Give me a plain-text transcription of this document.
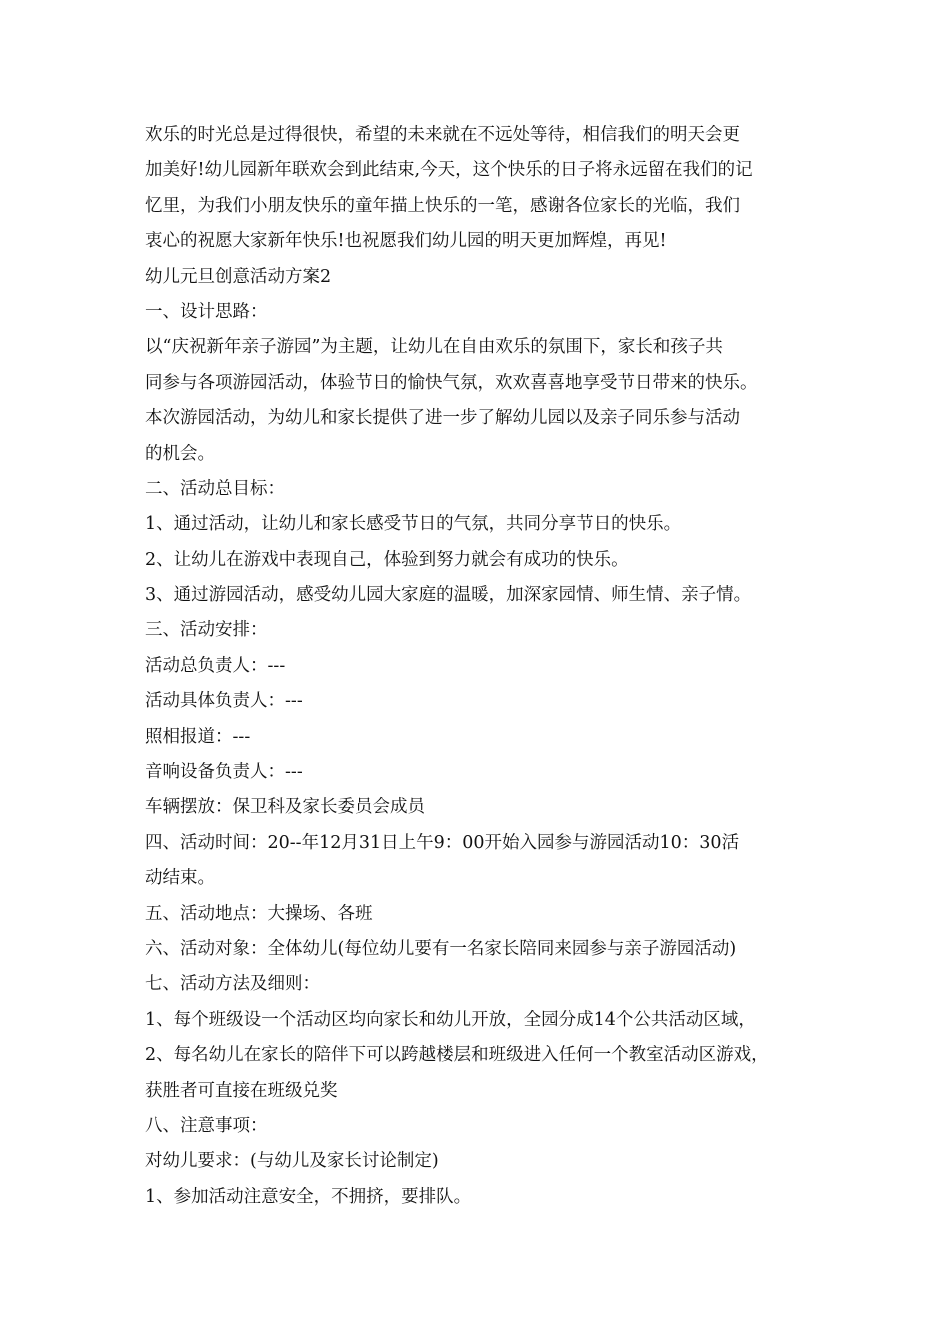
欢乐的时光总是过得很快，希望的未来就在不远处等待，相信我们的明天会更
加美好!幼儿园新年联欢会到此结束,今天，这个快乐的日子将永远留在我们的记
忆里，为我们小朋友快乐的童年描上快乐的一笔，感谢各位家长的光临，我们
衷心的祝愿大家新年快乐!也祝愿我们幼儿园的明天更加辉煌，再见!
幼儿元旦创意活动方案2
一、设计思路：
以“庆祝新年亲子游园”为主题，让幼儿在自由欢乐的氛围下，家长和孩子共
同参与各项游园活动，体验节日的愉快气氛，欢欢喜喜地享受节日带来的快乐。
本次游园活动，为幼儿和家长提供了进一步了解幼儿园以及亲子同乐参与活动
的机会。
二、活动总目标：
1、通过活动，让幼儿和家长感受节日的气氛，共同分享节日的快乐。
2、让幼儿在游戏中表现自己，体验到努力就会有成功的快乐。
3、通过游园活动，感受幼儿园大家庭的温暖，加深家园情、师生情、亲子情。
三、活动安排：
活动总负责人：---
活动具体负责人：---
照相报道：---
音响设备负责人：---
车辆摆放：保卫科及家长委员会成员
四、活动时间：20--年12月31日上午9：00开始入园参与游园活动10：30活
动结束。
五、活动地点：大操场、各班
六、活动对象：全体幼儿(每位幼儿要有一名家长陪同来园参与亲子游园活动)
七、活动方法及细则：
1、每个班级设一个活动区均向家长和幼儿开放，全园分成14个公共活动区域，
2、每名幼儿在家长的陪伴下可以跨越楼层和班级进入任何一个教室活动区游戏，
获胜者可直接在班级兑奖
八、注意事项：
对幼儿要求：(与幼儿及家长讨论制定)
1、参加活动注意安全，不拥挤，要排队。
